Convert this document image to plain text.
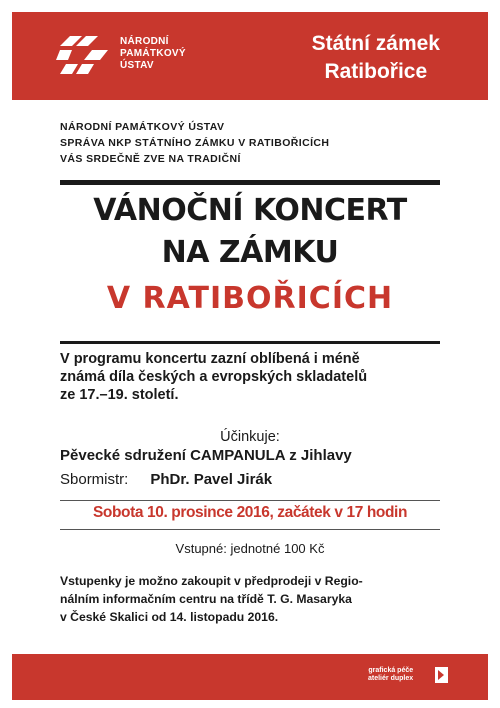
NÁRODNÍ
PAMÁTKOVÝ
ÚSTAV
Státní zámek
Ratibořice
NÁRODNÍ PAMÁTKOVÝ ÚSTAV
SPRÁVA NKP STÁTNÍHO ZÁMKU V RATIBOŘICÍCH
VÁS SRDEČNĚ ZVE NA TRADIČNÍ
VÁNOČNÍ KONCERT
NA ZÁMKU
V RATIBOŘICÍCH
V programu koncertu zazní oblíbená i méně
známá díla českých a evropských skladatelů
ze 17.–19. století.
Účinkuje:
Pěvecké sdružení CAMPANULA z Jihlavy
Sbormistr: PhDr. Pavel Jirák
Sobota 10. prosince 2016, začátek v 17 hodin
Vstupné: jednotné 100 Kč
Vstupenky je možno zakoupit v předprodeji v Regio-
nálním informačním centru na třídě T. G. Masaryka
v České Skalici od 14. listopadu 2016.
grafická péče
ateliér duplex
